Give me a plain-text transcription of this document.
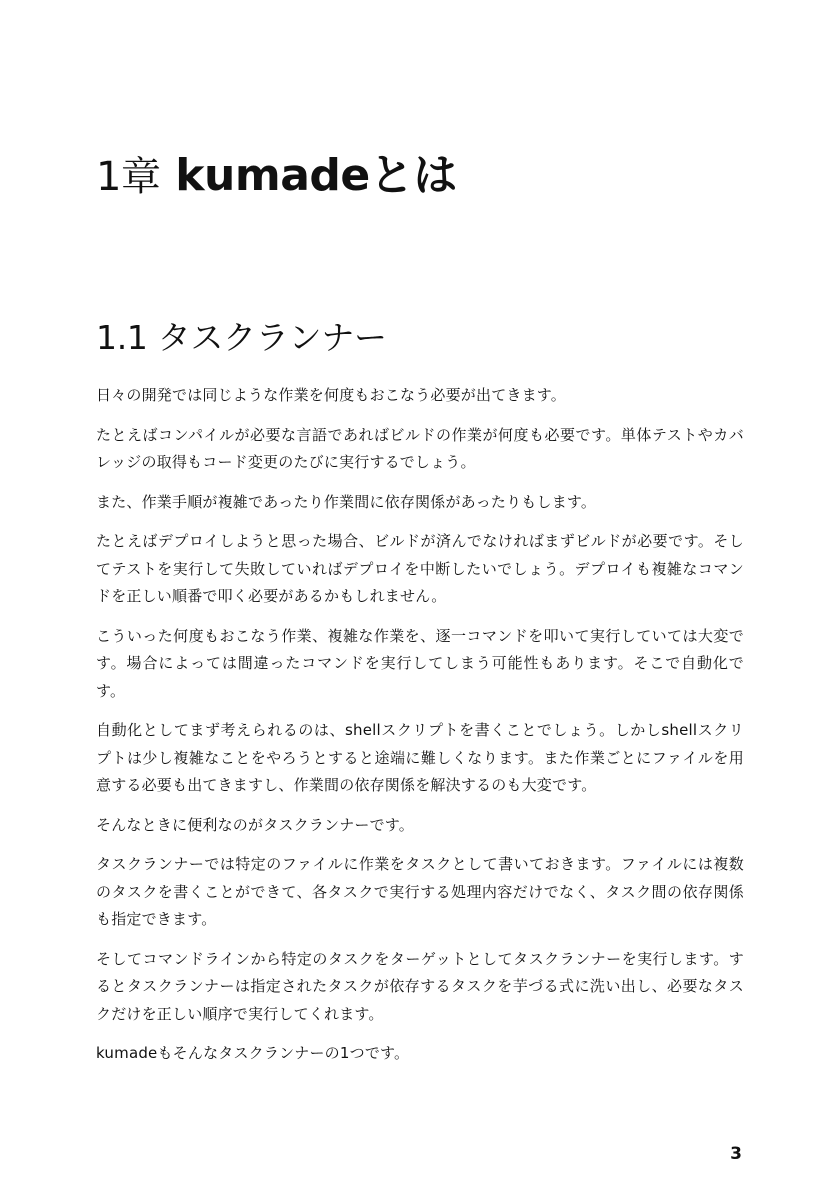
1章 kumadeとは
1.1 タスクランナー

日々の開発では同じような作業を何度もおこなう必要が出てきます。

たとえばコンパイルが必要な言語であればビルドの作業が何度も必要です。単体テストやカバレッジの取得もコード変更のたびに実行するでしょう。

また、作業手順が複雑であったり作業間に依存関係があったりもします。

たとえばデプロイしようと思った場合、ビルドが済んでなければまずビルドが必要です。そしてテストを実行して失敗していればデプロイを中断したいでしょう。デプロイも複雑なコマンドを正しい順番で叩く必要があるかもしれません。

こういった何度もおこなう作業、複雑な作業を、逐一コマンドを叩いて実行していては大変です。場合によっては間違ったコマンドを実行してしまう可能性もあります。そこで自動化です。

自動化としてまず考えられるのは、shellスクリプトを書くことでしょう。しかしshellスクリプトは少し複雑なことをやろうとすると途端に難しくなります。また作業ごとにファイルを用意する必要も出てきますし、作業間の依存関係を解決するのも大変です。

そんなときに便利なのがタスクランナーです。

タスクランナーでは特定のファイルに作業をタスクとして書いておきます。ファイルには複数のタスクを書くことができて、各タスクで実行する処理内容だけでなく、タスク間の依存関係も指定できます。

そしてコマンドラインから特定のタスクをターゲットとしてタスクランナーを実行します。するとタスクランナーは指定されたタスクが依存するタスクを芋づる式に洗い出し、必要なタスクだけを正しい順序で実行してくれます。

kumadeもそんなタスクランナーの1つです。

3
